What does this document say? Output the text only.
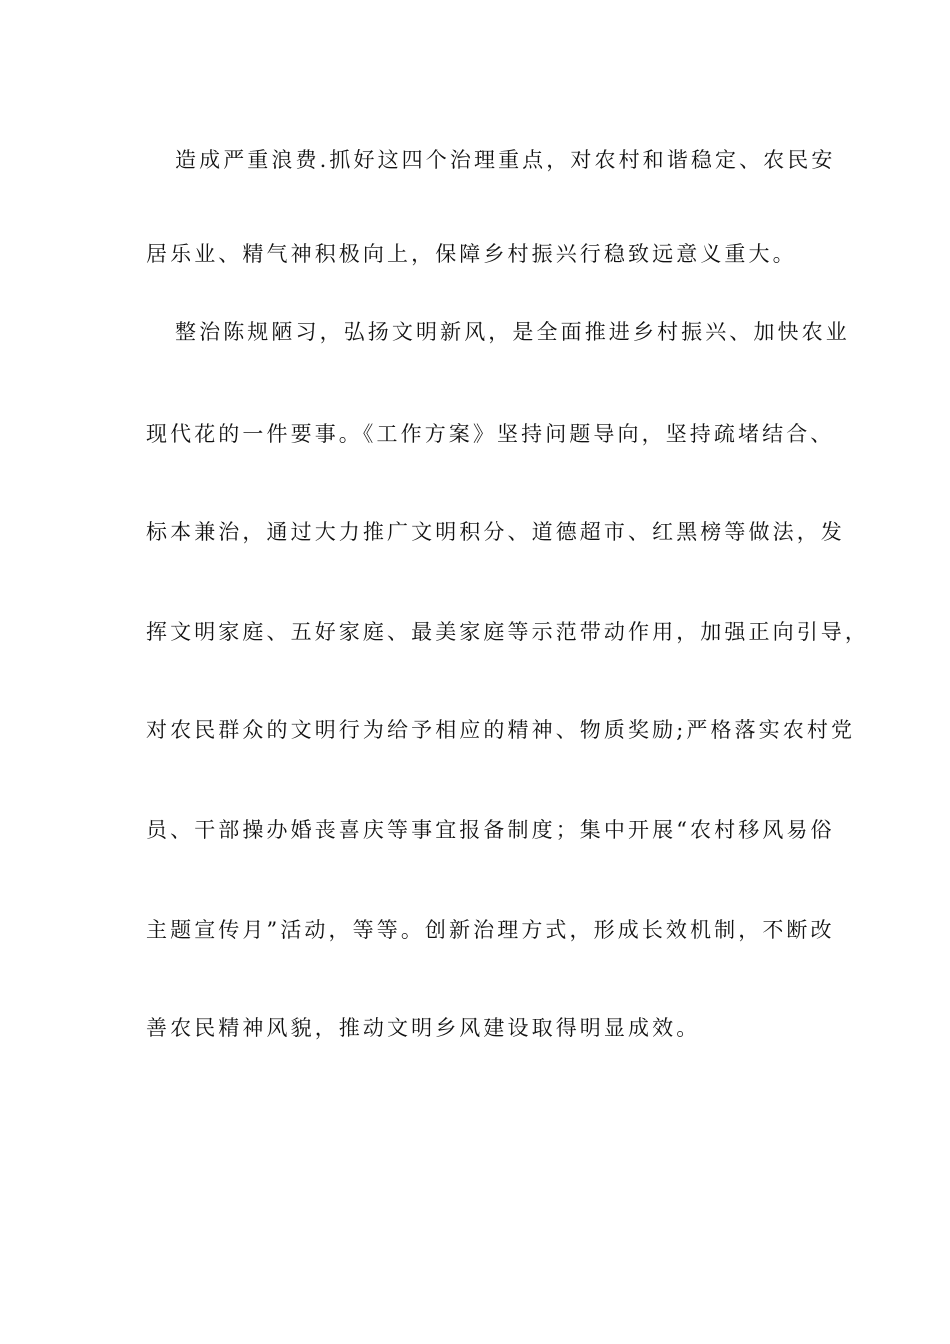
造成严重浪费.抓好这四个治理重点，对农村和谐稳定、农民安
居乐业、精气神积极向上，保障乡村振兴行稳致远意义重大。
整治陈规陋习，弘扬文明新风，是全面推进乡村振兴、加快农业
现代花的一件要事。《工作方案》坚持问题导向，坚持疏堵结合、
标本兼治，通过大力推广文明积分、道德超市、红黑榜等做法，发
挥文明家庭、五好家庭、最美家庭等示范带动作用，加强正向引导，
对农民群众的文明行为给予相应的精神、物质奖励;严格落实农村党
员、干部操办婚丧喜庆等事宜报备制度；集中开展“农村移风易俗
主题宣传月”活动，等等。创新治理方式，形成长效机制，不断改
善农民精神风貌，推动文明乡风建设取得明显成效。
